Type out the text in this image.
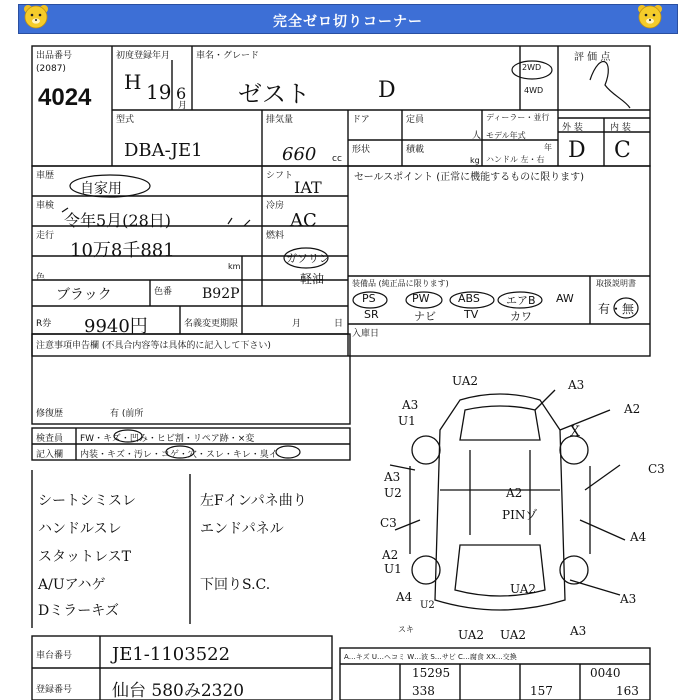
完全ゼロ切りコーナー
出品番号
(2087)
4024
初度登録年月
H 19 6
月
車名・グレード
ゼスト	D
2WD
4WD
評 価 点
型式
DBA-JE1
排気量
660 cc
ドア	定員
人
形状	積載
kg
ディーラー・並行
モデル年式
年
ハンドル 左・右
外 装	内 装
D C
車歴
自家用
シフト
IAT
セールスポイント (正常に機能するものに限ります)
車検
令年5月(28日)
冷房
AC
走行
10万8千881
km
燃料
ガソリン
軽油
色
ブラック	色番 B92P
装備品 (純正品に限ります)	取扱説明書
有・無
R券 9940円	名義変更期限	月	日
入庫日
PS	PW	ABS エアB AW
SR	ナビ	TV	カワ
注意事項申告欄 (不具合内容等は具体的に記入して下さい)
修復歴	有 (前所
検査員 FW・キズ・凹み・ヒビ割・リペア跡・×変
記入欄 内装・キズ・汚レ・コゲ・穴・スレ・キレ・臭イ
シートシミスレ
ハンドルスレ
スタットレスT
A/Uアハゲ
Dミラーキズ
左Fインパネ曲り
エンドパネル
下回りS.C.
UA2	A3
A2
A3
X
U1
C3
A3
U2
C3
A2
PINゾ
A4
A2
U1
UA2
A3
A4
U2
スキ	UA2 UA2	A3
車台番号 JE1-1103522
登録番号 仙台 580み2320
A…キズ U…ヘコミ W…波 S…サビ C…腐食 XX…交換
15295	0040
338	157	163
